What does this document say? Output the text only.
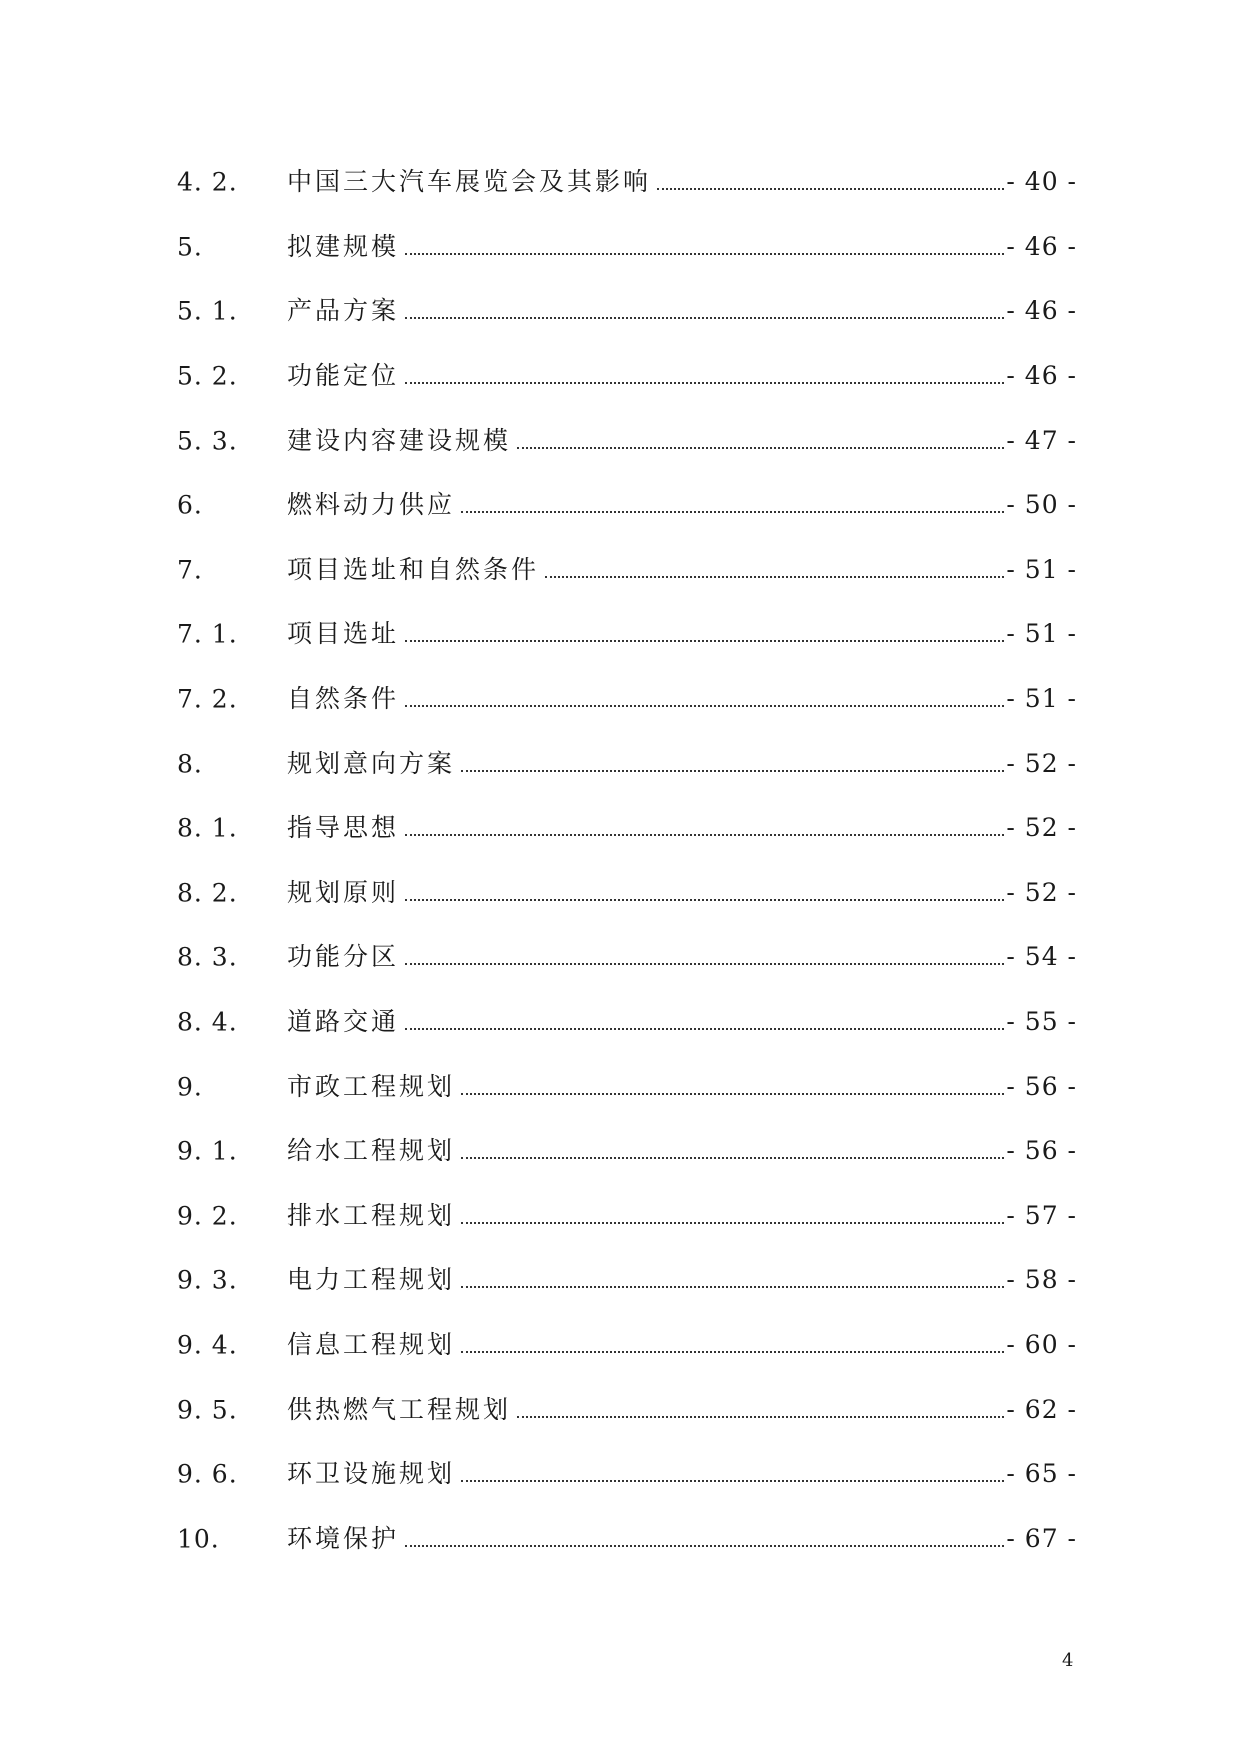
4. 2.	中国三大汽车展览会及其影响	- 40 -
5.	拟建规模	- 46 -
5. 1.	产品方案	- 46 -
5. 2.	功能定位	- 46 -
5. 3.	建设内容建设规模	- 47 -
6.	燃料动力供应	- 50 -
7.	项目选址和自然条件	- 51 -
7. 1.	项目选址	- 51 -
7. 2.	自然条件	- 51 -
8.	规划意向方案	- 52 -
8. 1.	指导思想	- 52 -
8. 2.	规划原则	- 52 -
8. 3.	功能分区	- 54 -
8. 4.	道路交通	- 55 -
9.	市政工程规划	- 56 -
9. 1.	给水工程规划	- 56 -
9. 2.	排水工程规划	- 57 -
9. 3.	电力工程规划	- 58 -
9. 4.	信息工程规划	- 60 -
9. 5.	供热燃气工程规划	- 62 -
9. 6.	环卫设施规划	- 65 -
10.	环境保护	- 67 -
4
